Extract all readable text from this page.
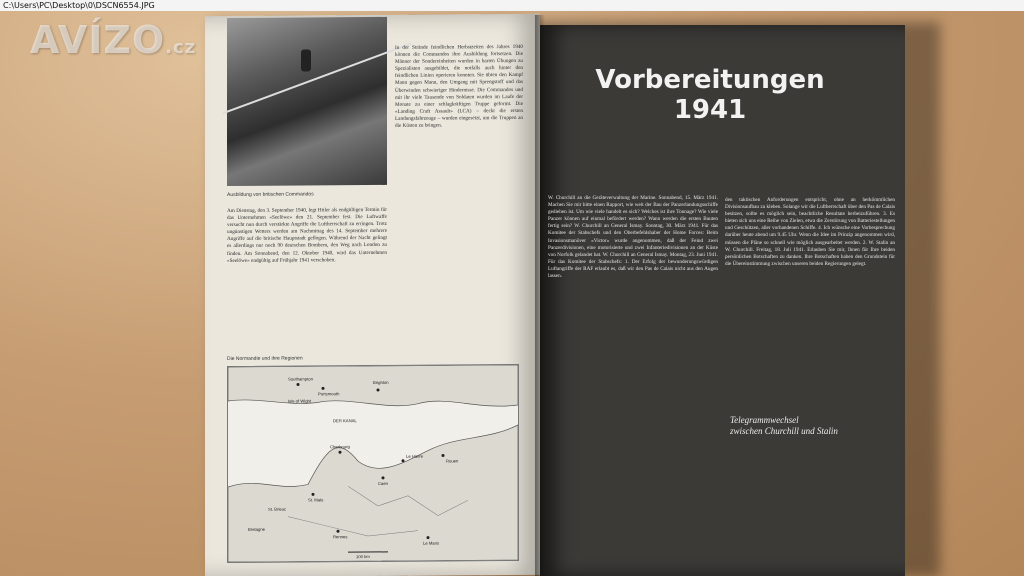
C:\Users\PC\Desktop\0\DSCN6554.JPG
AVÍZO.cz
Ausbildung von britischen Commandos
In der Strände feindlichen Herbstzeiten des Jahres 1940 können die Commandos ihre Ausbildung fortsetzen. Die Männer der Sondereinheiten wurden in harten Übungen zu Spezialisten ausgebildet, die notfalls auch hinter den feindlichen Linien operieren konnten. Sie übten den Kampf Mann gegen Mann, den Umgang mit Sprengstoff und das Überwinden schwieriger Hindernisse. Die Commandos und mit ihr viele Tausende von Soldaten wurden im Laufe der Monate zu einer schlagkräftigen Truppe geformt. Die «Landing Craft Assault» (LCA) – deckt die ersten Landungsfahrzeuge – wurden eingesetzt, um die Truppen an die Küsten zu bringen.
Am Dienstag, den 3. September 1940, legt Hitler als endgültigen Termin für das Unternehmen «Seelöwe» den 21. September fest. Die Luftwaffe versucht nun durch verstärkte Angriffe die Luftherrschaft zu erringen. Trotz ungünstigen Wetters werden am Nachmittag des 14. September mehrere Angriffe auf die britische Hauptstadt geflogen. Während der Nacht gelingt es allerdings nur noch 90 deutschen Bombern, den Weg nach London zu finden. Am Sonnabend, den 12. Oktober 1940, wird das Unternehmen «Seelöwe» endgültig auf Frühjahr 1941 verschoben.
Die Normandie und ihre Regionen
DER KANAL
Southampton
Portsmouth
Brighton
Isle of Wight
Cherbourg
Le Havre
Caen
Rouen
St. Malo
Rennes
Le Mans
Bretagne
St. Brieuc
100 km
Vorbereitungen
1941
W. Churchill an die Geräteverwaltung der Marine. Sonnabend, 15. März 1941. Machen Sie mir bitte einen Rapport, wie weit der Bau der Panzerlandungsschiffe gediehen ist. Um wie viele handelt es sich? Welches ist ihre Tonnage? Wie viele Panzer können auf einmal befördert werden? Wann werden die ersten Bauten fertig sein? W. Churchill an General Ismay. Sonntag, 30. März 1941. Für das Komitee der Stabschefs und den Oberbefehlshaber der Home Forces: Beim Invasionsmanöver «Victor» wurde angenommen, daß der Feind zwei Panzerdivisionen, eine motorisierte und zwei Infanteriedivisionen an der Küste von Norfolk gelandet hat. W. Churchill an General Ismay. Montag, 23. Juni 1941. Für das Komitee der Stabschefs: 1. Der Erfolg der bewunderungswürdigen Luftangriffe der RAF erlaubt es, daß wir den Pas de Calais nicht aus den Augen lassen.
den taktischen Anforderungen entspricht, ohne an herkömmlichen Divisionsaufbau zu kleben. Solange wir die Luftherrschaft über den Pas de Calais besitzen, sollte es möglich sein, beachtliche Resultate herbeizuführen. 3. Es bieten sich uns eine Reihe von Zielen, etwa die Zerstörung von Batteriestellungen und Geschützen, aller vorhandenen Schiffe. 4. Ich wünsche eine Vorbesprechung darüber heute abend um 9.45 Uhr. Wenn die Idee im Prinzip angenommen wird, müssen die Pläne so schnell wie möglich ausgearbeitet werden. 2. W. Stalin an W. Churchill. Freitag, 18. Juli 1941. Erlauben Sie mir, Ihnen für Ihre beiden persönlichen Botschaften zu danken. Ihre Botschaften haben den Grundstein für die Übereinstimmung zwischen unseren beiden Regierungen gelegt.
Telegrammwechsel
zwischen Churchill und Stalin
